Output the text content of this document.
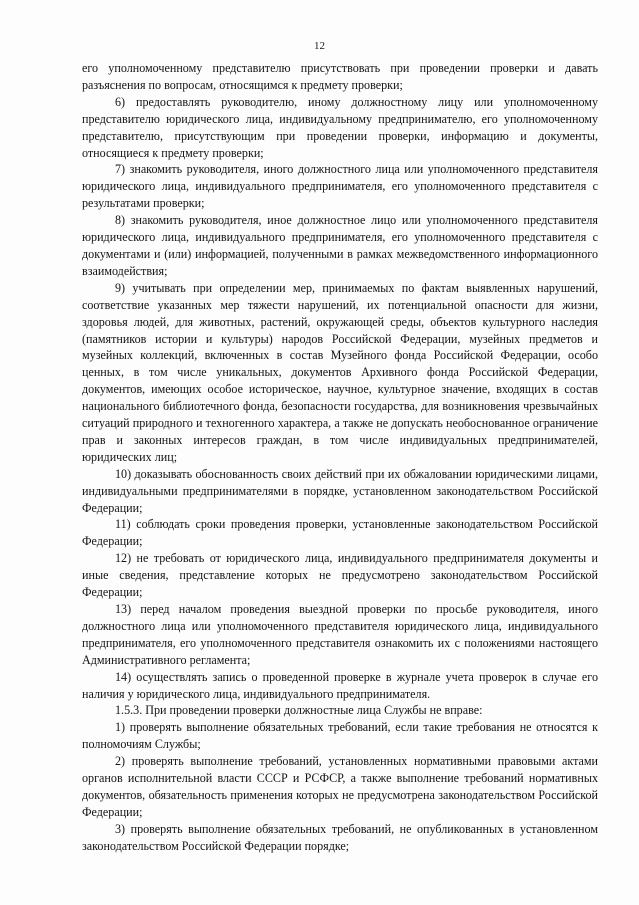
12

его уполномоченному представителю присутствовать при проведении проверки и давать разъяснения по вопросам, относящимся к предмету проверки;

6) предоставлять руководителю, иному должностному лицу или уполномоченному представителю юридического лица, индивидуальному предпринимателю, его уполномоченному представителю, присутствующим при проведении проверки, информацию и документы, относящиеся к предмету проверки;

7) знакомить руководителя, иного должностного лица или уполномоченного представителя юридического лица, индивидуального предпринимателя, его уполномоченного представителя с результатами проверки;

8) знакомить руководителя, иное должностное лицо или уполномоченного представителя юридического лица, индивидуального предпринимателя, его уполномоченного представителя с документами и (или) информацией, полученными в рамках межведомственного информационного взаимодействия;

9) учитывать при определении мер, принимаемых по фактам выявленных нарушений, соответствие указанных мер тяжести нарушений, их потенциальной опасности для жизни, здоровья людей, для животных, растений, окружающей среды, объектов культурного наследия (памятников истории и культуры) народов Российской Федерации, музейных предметов и музейных коллекций, включенных в состав Музейного фонда Российской Федерации, особо ценных, в том числе уникальных, документов Архивного фонда Российской Федерации, документов, имеющих особое историческое, научное, культурное значение, входящих в состав национального библиотечного фонда, безопасности государства, для возникновения чрезвычайных ситуаций природного и техногенного характера, а также не допускать необоснованное ограничение прав и законных интересов граждан, в том числе индивидуальных предпринимателей, юридических лиц;

10) доказывать обоснованность своих действий при их обжаловании юридическими лицами, индивидуальными предпринимателями в порядке, установленном законодательством Российской Федерации;

11) соблюдать сроки проведения проверки, установленные законодательством Российской Федерации;

12) не требовать от юридического лица, индивидуального предпринимателя документы и иные сведения, представление которых не предусмотрено законодательством Российской Федерации;

13) перед началом проведения выездной проверки по просьбе руководителя, иного должностного лица или уполномоченного представителя юридического лица, индивидуального предпринимателя, его уполномоченного представителя ознакомить их с положениями настоящего Административного регламента;

14) осуществлять запись о проведенной проверке в журнале учета проверок в случае его наличия у юридического лица, индивидуального предпринимателя.

1.5.3. При проведении проверки должностные лица Службы не вправе:

1) проверять выполнение обязательных требований, если такие требования не относятся к полномочиям Службы;

2) проверять выполнение требований, установленных нормативными правовыми актами органов исполнительной власти СССР и РСФСР, а также выполнение требований нормативных документов, обязательность применения которых не предусмотрена законодательством Российской Федерации;

3) проверять выполнение обязательных требований, не опубликованных в установленном законодательством Российской Федерации порядке;
